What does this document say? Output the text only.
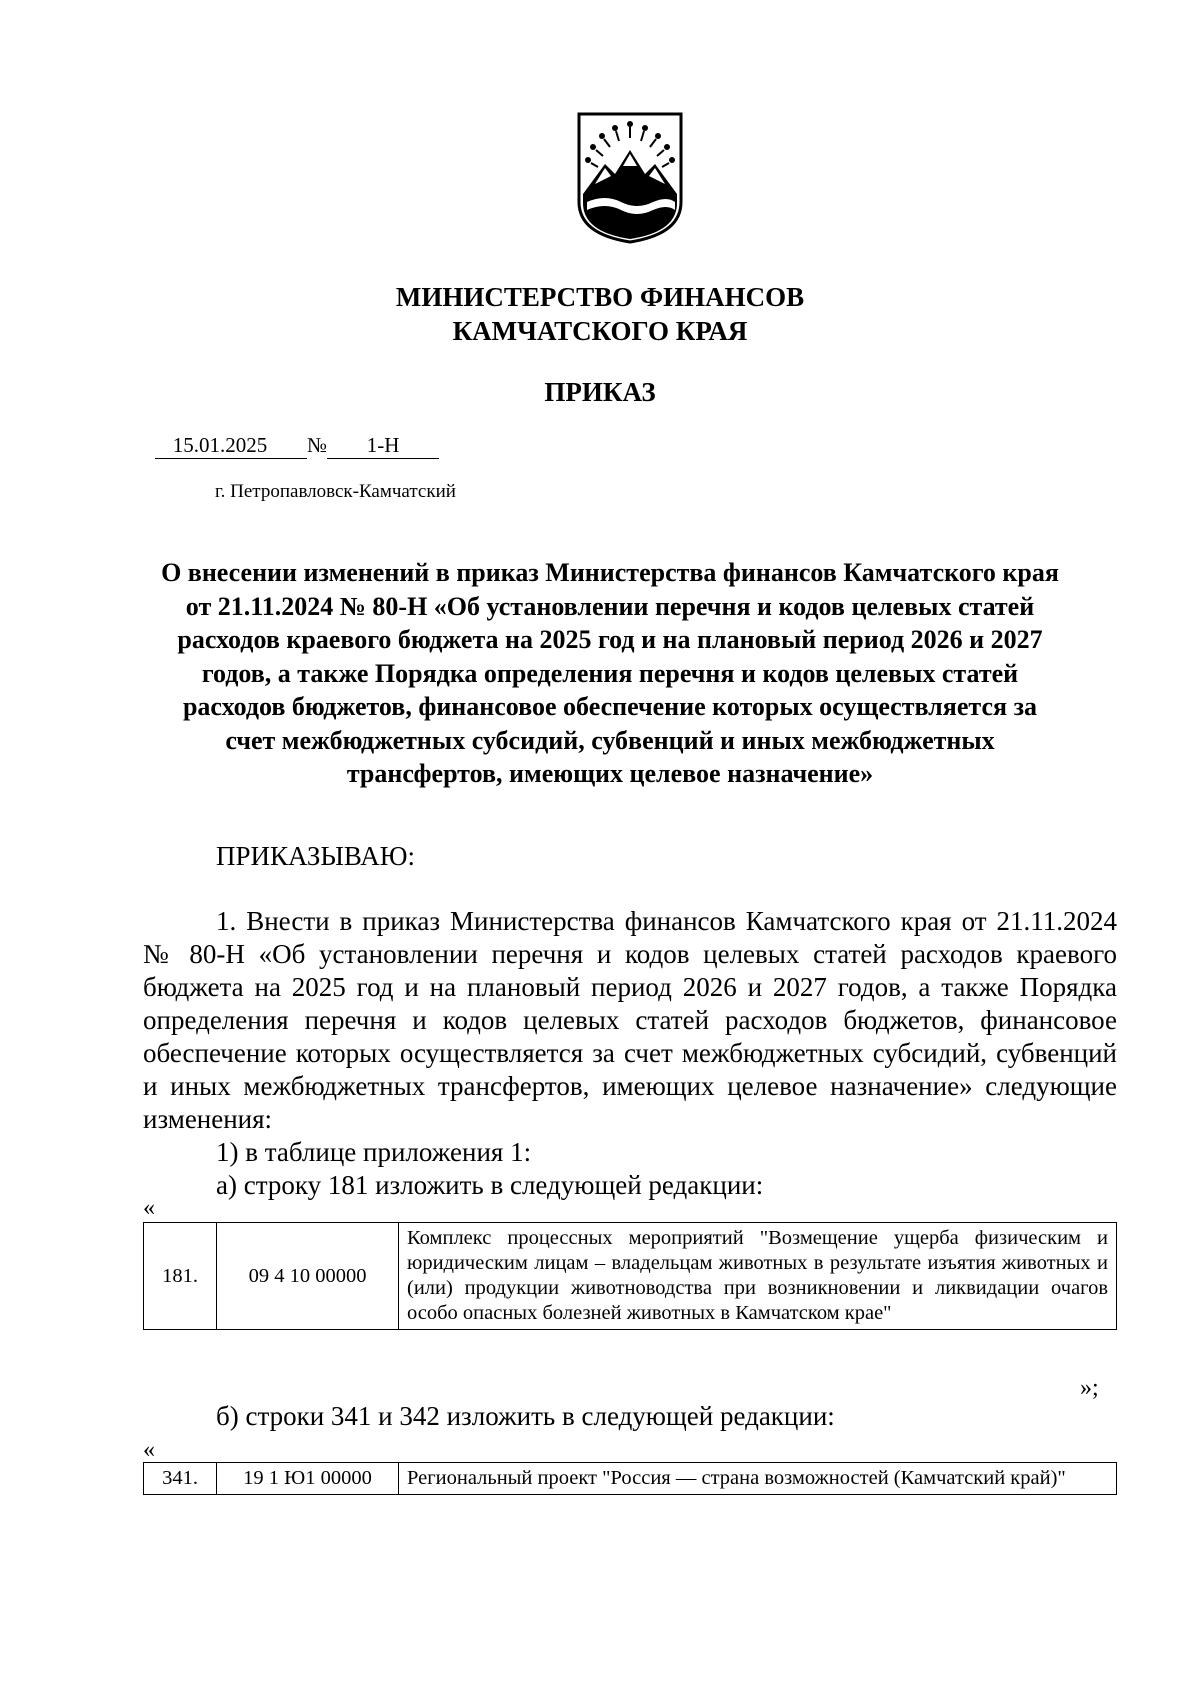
МИНИСТЕРСТВО ФИНАНСОВ
КАМЧАТСКОГО КРАЯ
ПРИКАЗ
15.01.2025 № 1-Н
г. Петропавловск-Камчатский
О внесении изменений в приказ Министерства финансов Камчатского края от 21.11.2024 № 80-Н «Об установлении перечня и кодов целевых статей расходов краевого бюджета на 2025 год и на плановый период 2026 и 2027 годов, а также Порядка определения перечня и кодов целевых статей расходов бюджетов, финансовое обеспечение которых осуществляется за счет межбюджетных субсидий, субвенций и иных межбюджетных трансфертов, имеющих целевое назначение»
ПРИКАЗЫВАЮ:

1. Внести в приказ Министерства финансов Камчатского края от 21.11.2024 № 80-Н «Об установлении перечня и кодов целевых статей расходов краевого бюджета на 2025 год и на плановый период 2026 и 2027 годов, а также Порядка определения перечня и кодов целевых статей расходов бюджетов, финансовое обеспечение которых осуществляется за счет межбюджетных субсидий, субвенций и иных межбюджетных трансфертов, имеющих целевое назначение» следующие изменения:

1) в таблице приложения 1:

а) строку 181 изложить в следующей редакции:

«
181.	09 4 10 00000	Комплекс процессных мероприятий "Возмещение ущерба физическим и юридическим лицам – владельцам животных в результате изъятия животных и (или) продукции животноводства при возникновении и ликвидации очагов особо опасных болезней животных в Камчатском крае"
»;
б) строки 341 и 342 изложить в следующей редакции:
«
341.	19 1 Ю1 00000	Региональный проект "Россия — страна возможностей (Камчатский край)"
